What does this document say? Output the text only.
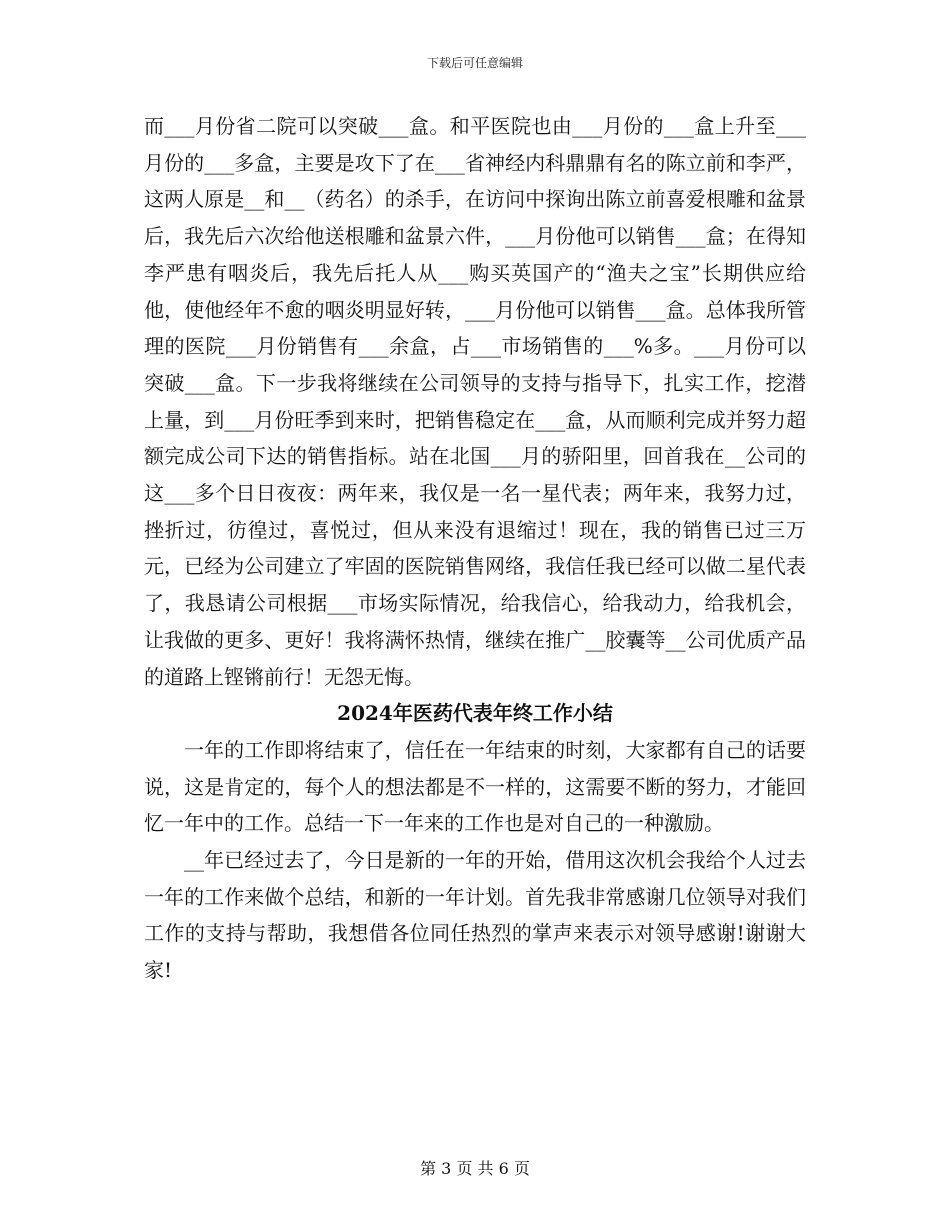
下载后可任意编辑

而___月份省二院可以突破___盒。和平医院也由___月份的___盒上升至___月份的___多盒，主要是攻下了在___省神经内科鼎鼎有名的陈立前和李严，这两人原是__和__（药名）的杀手，在访问中探询出陈立前喜爱根雕和盆景后，我先后六次给他送根雕和盆景六件，___月份他可以销售___盒；在得知李严患有咽炎后，我先后托人从___购买英国产的“渔夫之宝”长期供应给他，使他经年不愈的咽炎明显好转，___月份他可以销售___盒。总体我所管理的医院___月份销售有___余盒，占___市场销售的___%多。___月份可以突破___盒。下一步我将继续在公司领导的支持与指导下，扎实工作，挖潜上量，到___月份旺季到来时，把销售稳定在___盒，从而顺利完成并努力超额完成公司下达的销售指标。站在北国___月的骄阳里，回首我在__公司的这___多个日日夜夜：两年来，我仅是一名一星代表；两年来，我努力过，挫折过，彷徨过，喜悦过，但从来没有退缩过！现在，我的销售已过三万元，已经为公司建立了牢固的医院销售网络，我信任我已经可以做二星代表了，我恳请公司根据___市场实际情况，给我信心，给我动力，给我机会，让我做的更多、更好！我将满怀热情，继续在推广__胶囊等__公司优质产品的道路上铿锵前行！无怨无悔。

2024年医药代表年终工作小结

一年的工作即将结束了，信任在一年结束的时刻，大家都有自己的话要说，这是肯定的，每个人的想法都是不一样的，这需要不断的努力，才能回忆一年中的工作。总结一下一年来的工作也是对自己的一种激励。

__年已经过去了，今日是新的一年的开始，借用这次机会我给个人过去一年的工作来做个总结，和新的一年计划。首先我非常感谢几位领导对我们工作的支持与帮助，我想借各位同任热烈的掌声来表示对领导感谢!谢谢大家!

第 3 页 共 6 页
